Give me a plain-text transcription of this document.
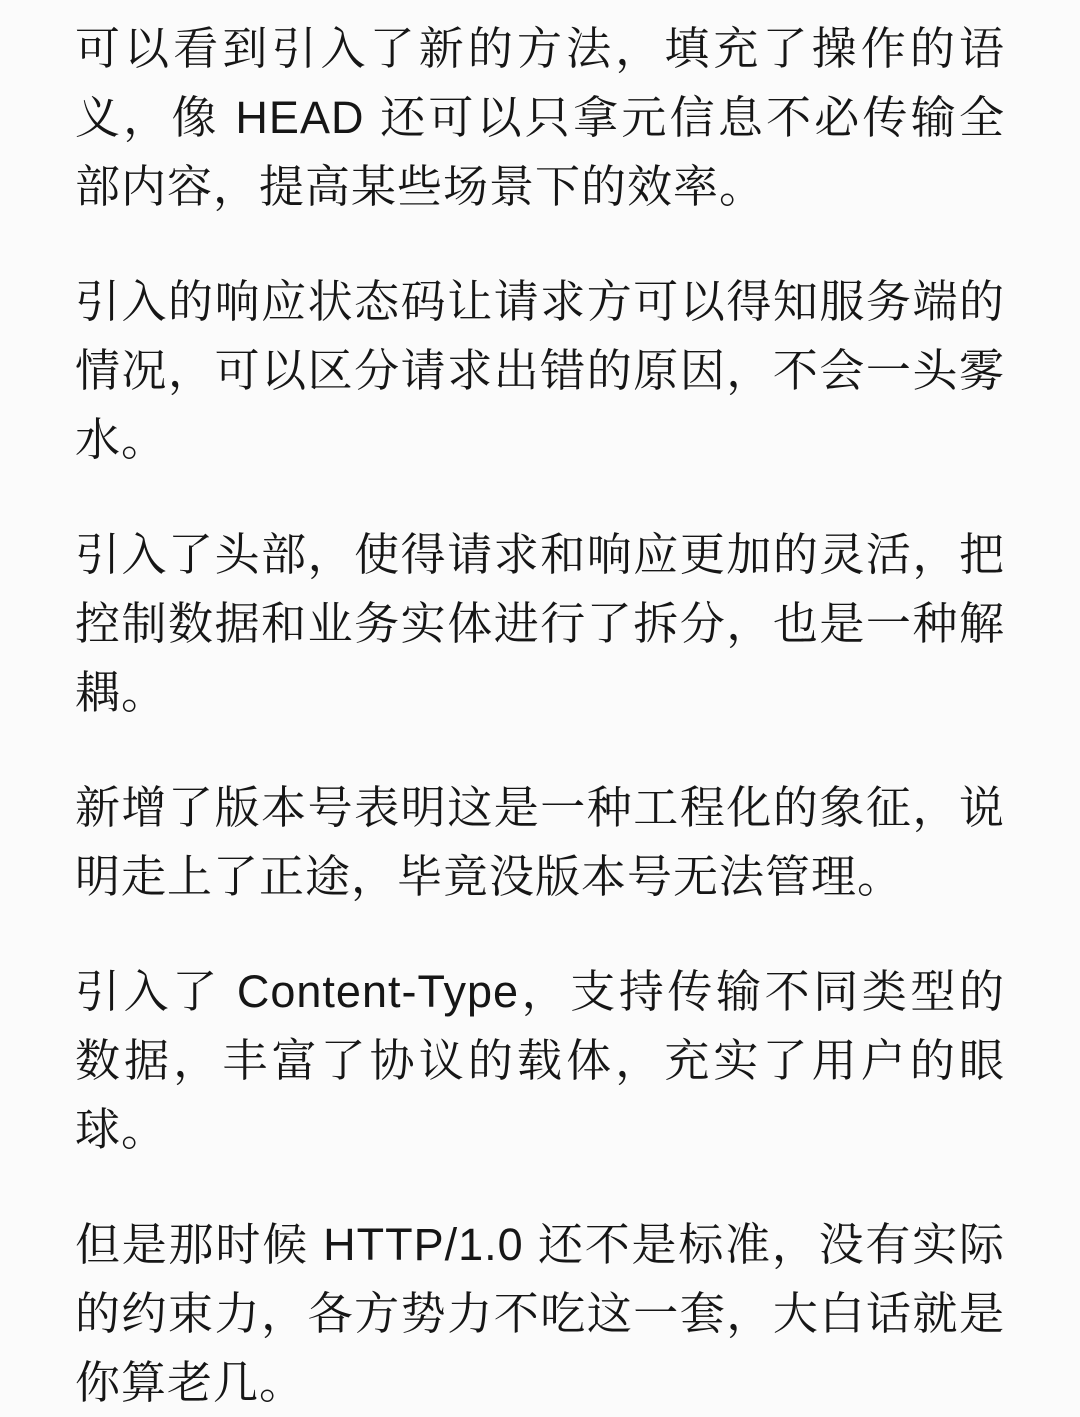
可以看到引入了新的方法，填充了操作的语义，像 HEAD 还可以只拿元信息不必传输全部内容，提高某些场景下的效率。

引入的响应状态码让请求方可以得知服务端的情况，可以区分请求出错的原因，不会一头雾水。

引入了头部，使得请求和响应更加的灵活，把控制数据和业务实体进行了拆分，也是一种解耦。

新增了版本号表明这是一种工程化的象征，说明走上了正途，毕竟没版本号无法管理。

引入了 Content-Type，支持传输不同类型的数据，丰富了协议的载体，充实了用户的眼球。

但是那时候 HTTP/1.0 还不是标准，没有实际的约束力，各方势力不吃这一套，大白话就是你算老几。
